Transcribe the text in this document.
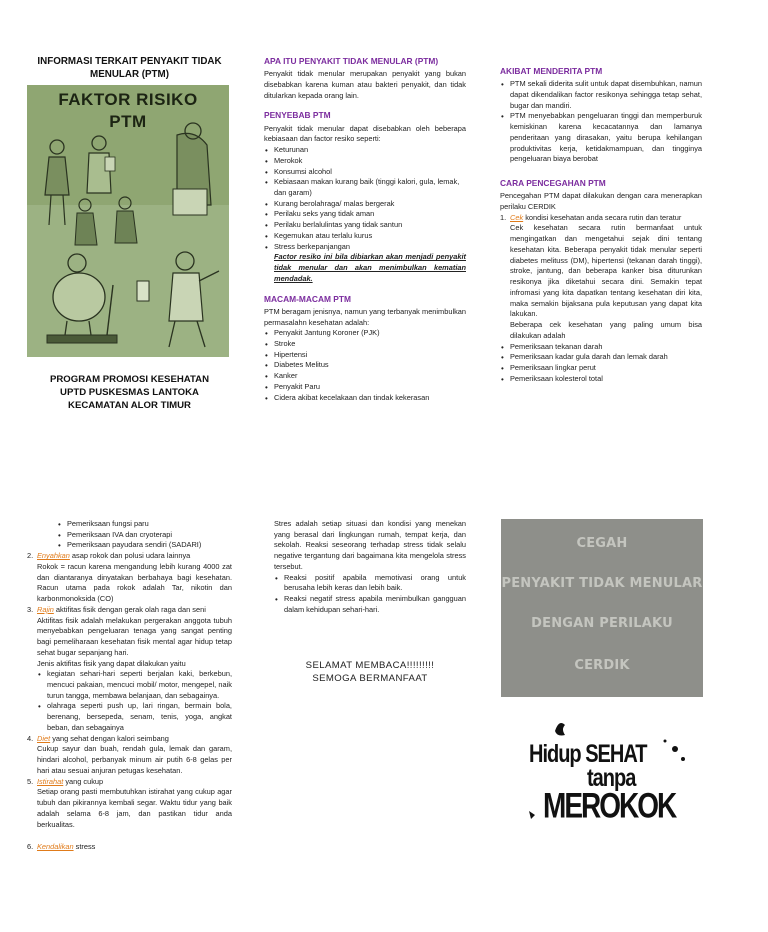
INFORMASI TERKAIT PENYAKIT TIDAK MENULAR (PTM)
FAKTOR RISIKO
PTM
PROGRAM PROMOSI KESEHATAN
UPTD PUSKESMAS LANTOKA
KECAMATAN ALOR TIMUR
APA ITU PENYAKIT TIDAK MENULAR (PTM)

Penyakit tidak menular merupakan penyakit yang bukan disebabkan karena kuman atau bakteri penyakit, dan tidak ditularkan kepada orang lain.

PENYEBAB PTM

Penyakit tidak menular dapat disebabkan oleh beberapa kebiasaan dan factor resiko seperti:

• Keturunan
• Merokok
• Konsumsi alcohol
• Kebiasaan makan kurang baik (tinggi kalori, gula, lemak, dan garam)
• Kurang berolahraga/ malas bergerak
• Perilaku seks yang tidak aman
• Perilaku berlalulintas yang tidak santun
• Kegemukan atau terlalu kurus
• Stress berkepanjangan
Factor resiko ini bila dibiarkan akan menjadi penyakit tidak menular dan akan menimbulkan kematian mendadak.
MACAM-MACAM PTM

PTM beragam jenisnya, namun yang terbanyak menimbulkan permasalahn kesehatan adalah:

• Penyakit Jantung Koroner (PJK)
• Stroke
• Hipertensi
• Diabetes Melitus
• Kanker
• Penyakit Paru
• Cidera akibat kecelakaan dan tindak kekerasan
AKIBAT MENDERITA PTM
• PTM sekali diderita sulit untuk dapat disembuhkan, namun dapat dikendalikan factor resikonya sehingga tetap sehat, bugar dan mandiri.
• PTM menyebabkan pengeluaran tinggi dan memperburuk kemiskinan karena kecacatannya dan lamanya penderitaan yang dirasakan, yaitu berupa kehilangan produktivitas kerja, ketidakmampuan, dan tingginya pengeluaran biaya berobat
CARA PENCEGAHAN PTM

Pencegahan PTM dapat dilakukan dengan cara menerapkan perilaku CERDIK

1. Cek kondisi kesehatan anda secara rutin dan teratur
Cek kesehatan secara rutin bermanfaat untuk mengingatkan dan mengetahui sejak dini tentang kesehatan kita. Beberapa penyakit tidak menular seperti diabetes melituss (DM), hipertensi (tekanan darah tinggi), stroke, jantung, dan beberapa kanker bisa diturunkan resikonya jika diketahui secara dini. Semakin tepat infromasi yang kita dapatkan tentang kesehatan diri kita, maka semakin bijaksana pula keputusan yang dapat kita lakukan.
Beberapa cek kesehatan yang paling umum bisa dilakukan adalah
• Pemeriksaan tekanan darah
• Pemeriksaan kadar gula darah dan lemak darah
• Pemeriksaan lingkar perut
• Pemeriksaan kolesterol total
• Pemeriksaan fungsi paru
• Pemeriksaan IVA dan cryoterapi
• Pemeriksaan payudara sendiri (SADARI)
2. Enyahkan asap rokok dan polusi udara lainnya
Rokok = racun karena mengandung lebih kurang 4000 zat dan diantaranya dinyatakan berbahaya bagi kesehatan. Racun utama pada rokok adalah Tar, nikotin dan karbonmonoksida (CO)
3. Rajin aktifitas fisik dengan gerak olah raga dan seni
Aktifitas fisik adalah melakukan pergerakan anggota tubuh menyebabkan pengeluaran tenaga yang sangat penting bagi pemeliharaan kesehatan fisik mental agar hidup tetap sehat bugar sepanjang hari.
Jenis aktifitas fisik yang dapat dilakukan yaitu
• kegiatan sehari-hari seperti berjalan kaki, berkebun, mencuci pakaian, mencuci mobil/ motor, mengepel, naik turun tangga, membawa belanjaan, dan sebagainya.
• olahraga seperti push up, lari ringan, bermain bola, berenang, bersepeda, senam, tenis, yoga, angkat beban, dan sebagainya
4. Diet yang sehat dengan kalori seimbang
Cukup sayur dan buah, rendah gula, lemak dan garam, hindari alcohol, perbanyak minum air putih 6-8 gelas per hari atau sesuai anjuran petugas kesehatan.
5. Istirahat yang cukup
Setiap orang pasti membutuhkan istirahat yang cukup agar tubuh dan pikirannya kembali segar. Waktu tidur yang baik adalah selama 6-8 jam, dan pastikan tidur anda berkualitas.
6. Kendalikan stress

Stres adalah setiap situasi dan kondisi yang menekan yang berasal dari lingkungan rumah, tempat kerja, dan sekolah. Reaksi seseorang terhadap stress tidak selalu negative tergantung dari bagaimana kita mengelola stress tersebut.

• Reaksi positif apabila memotivasi orang untuk berusaha lebih keras dan lebih baik.
• Reaksi negatif stress apabila menimbulkan gangguan dalam kehidupan sehari-hari.
SELAMAT MEMBACA!!!!!!!!!
SEMOGA BERMANFAAT
CEGAH
PENYAKIT TIDAK MENULAR
DENGAN PERILAKU
CERDIK
Hidup SEHAT
tanpa
MEROKOK
